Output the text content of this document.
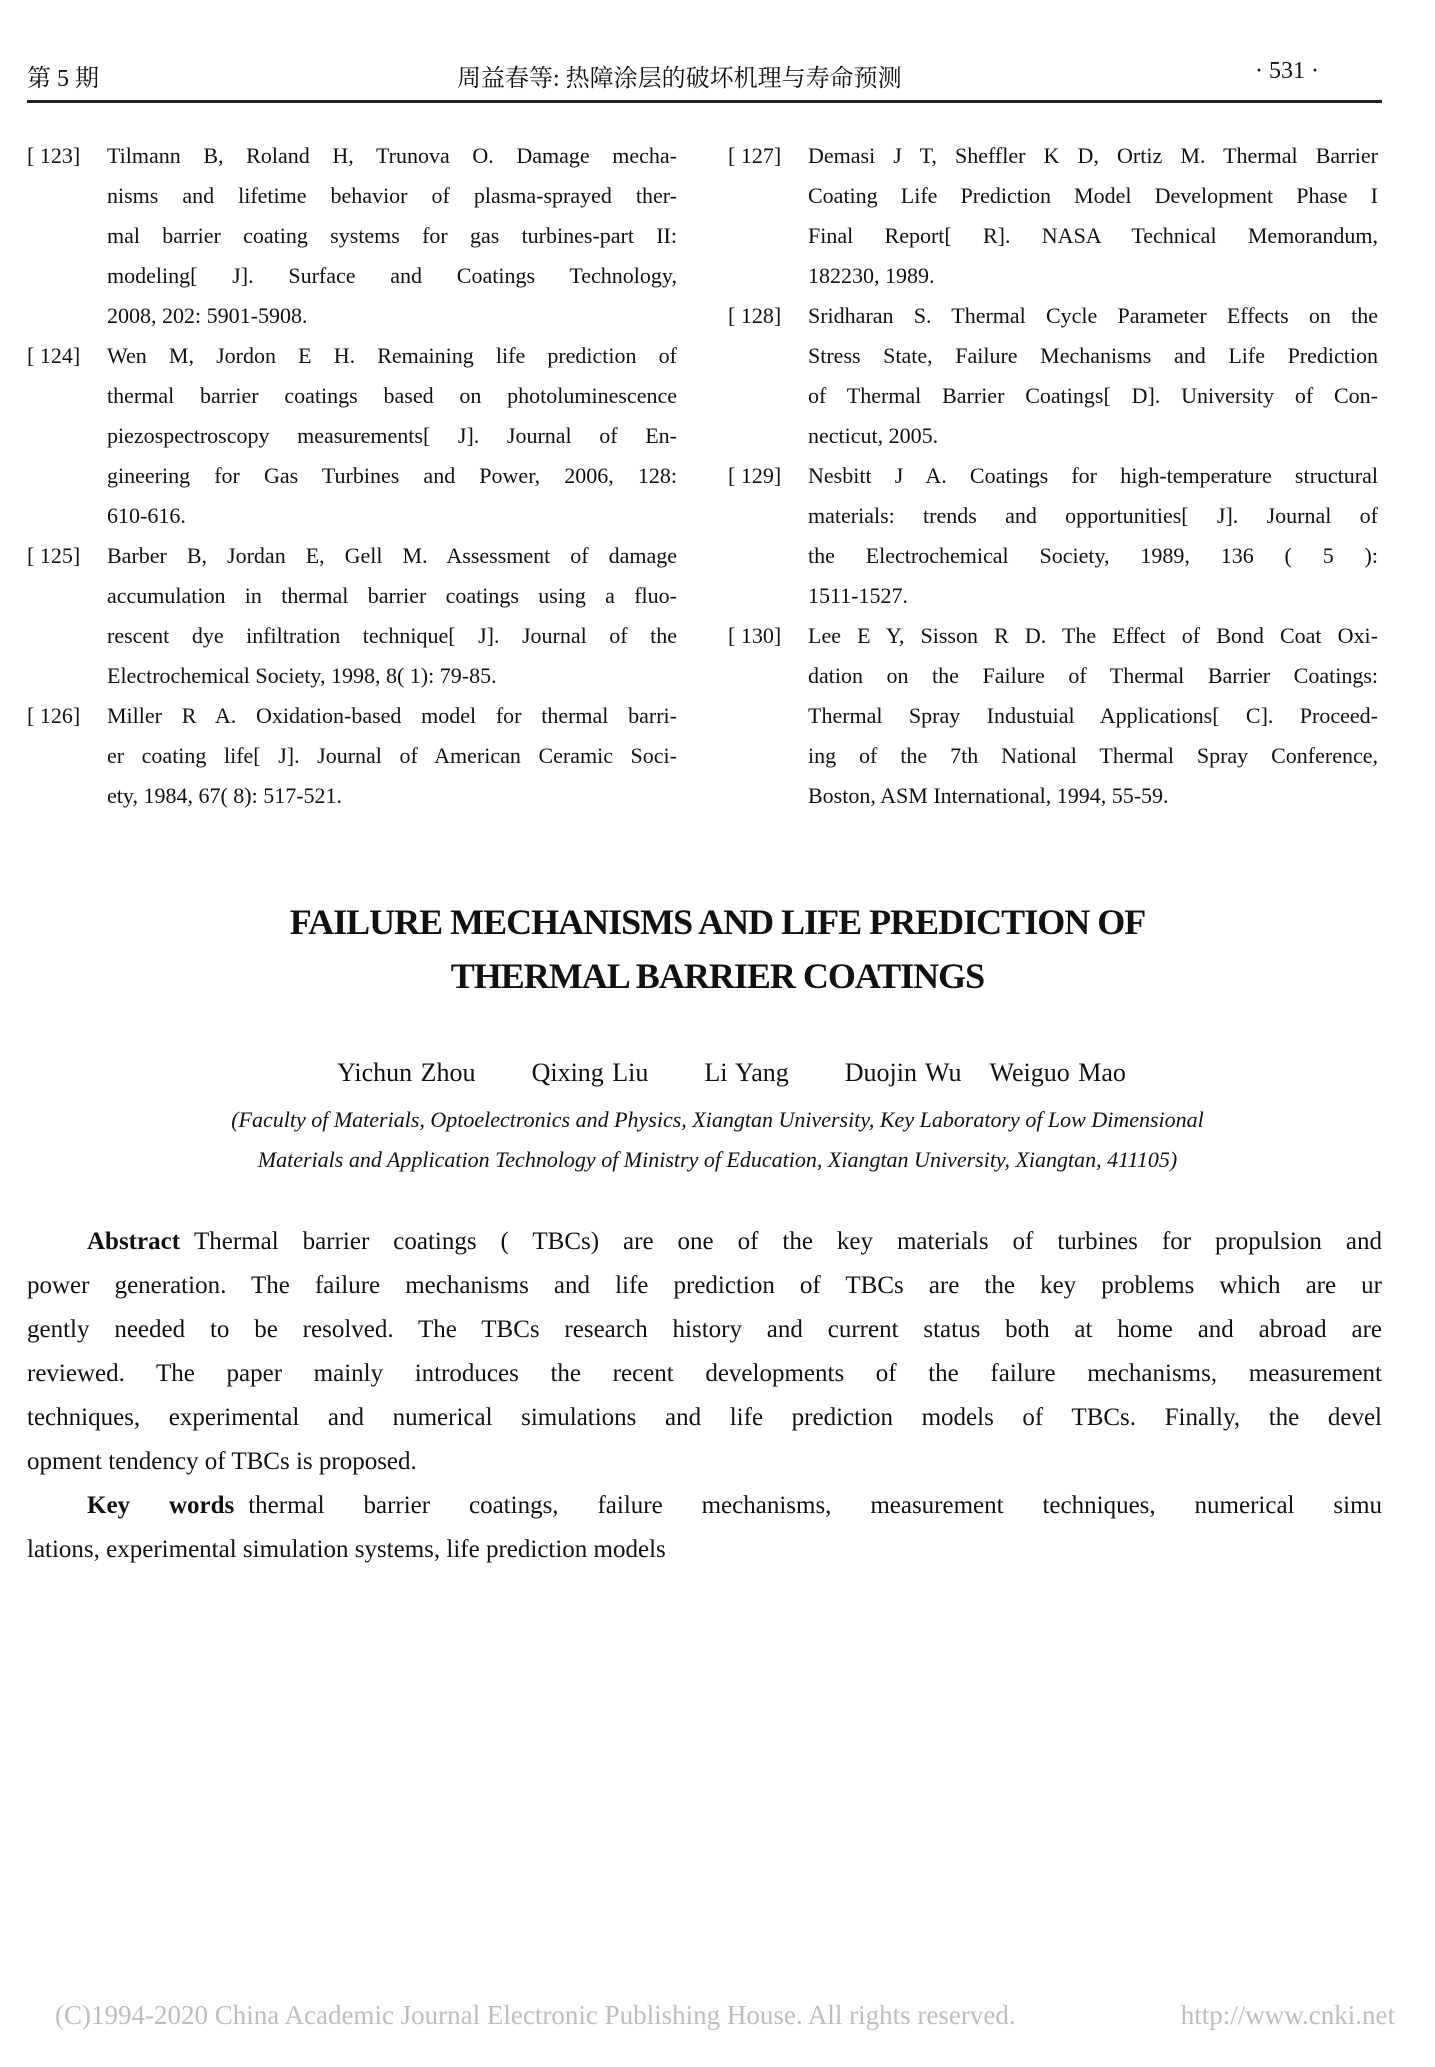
第 5 期	周益春等: 热障涂层的破坏机理与寿命预测	· 531 ·
[ 123] Tilmann B, Roland H, Trunova O. Damage mecha-
nisms and lifetime behavior of plasma-sprayed ther-
mal barrier coating systems for gas turbines-part II:
modeling[ J]. Surface and Coatings Technology,
2008, 202: 5901-5908.
[ 124] Wen M, Jordon E H. Remaining life prediction of
thermal barrier coatings based on photoluminescence
piezospectroscopy measurements[ J]. Journal of En-
gineering for Gas Turbines and Power, 2006, 128:
610-616.
[ 125] Barber B, Jordan E, Gell M. Assessment of damage
accumulation in thermal barrier coatings using a fluo-
rescent dye infiltration technique[ J]. Journal of the
Electrochemical Society, 1998, 8( 1): 79-85.
[ 126] Miller R A. Oxidation-based model for thermal barri-
er coating life[ J]. Journal of American Ceramic Soci-
ety, 1984, 67( 8): 517-521.
[ 127] Demasi J T, Sheffler K D, Ortiz M. Thermal Barrier
Coating Life Prediction Model Development Phase I
Final Report[ R]. NASA Technical Memorandum,
182230, 1989.
[ 128] Sridharan S. Thermal Cycle Parameter Effects on the
Stress State, Failure Mechanisms and Life Prediction
of Thermal Barrier Coatings[ D]. University of Con-
necticut, 2005.
[ 129] Nesbitt J A. Coatings for high-temperature structural
materials: trends and opportunities[ J]. Journal of
the Electrochemical Society, 1989, 136 ( 5 ):
1511-1527.
[ 130] Lee E Y, Sisson R D. The Effect of Bond Coat Oxi-
dation on the Failure of Thermal Barrier Coatings:
Thermal Spray Industuial Applications[ C]. Proceed-
ing of the 7th National Thermal Spray Conference,
Boston, ASM International, 1994, 55-59.
FAILURE MECHANISMS AND LIFE PREDICTION OF
THERMAL BARRIER COATINGS
Yichun Zhou Qixing Liu Li Yang Duojin Wu Weiguo Mao
(Faculty of Materials, Optoelectronics and Physics, Xiangtan University, Key Laboratory of Low Dimensional
Materials and Application Technology of Ministry of Education, Xiangtan University, Xiangtan, 411105)
Abstract Thermal barrier coatings ( TBCs) are one of the key materials of turbines for propulsion and
power generation. The failure mechanisms and life prediction of TBCs are the key problems which are ur
gently needed to be resolved. The TBCs research history and current status both at home and abroad are
reviewed. The paper mainly introduces the recent developments of the failure mechanisms, measurement
techniques, experimental and numerical simulations and life prediction models of TBCs. Finally, the devel
opment tendency of TBCs is proposed.
Key words thermal barrier coatings, failure mechanisms, measurement techniques, numerical simu
lations, experimental simulation systems, life prediction models
(C)1994-2020 China Academic Journal Electronic Publishing House. All rights reserved.	http://www.cnki.net
